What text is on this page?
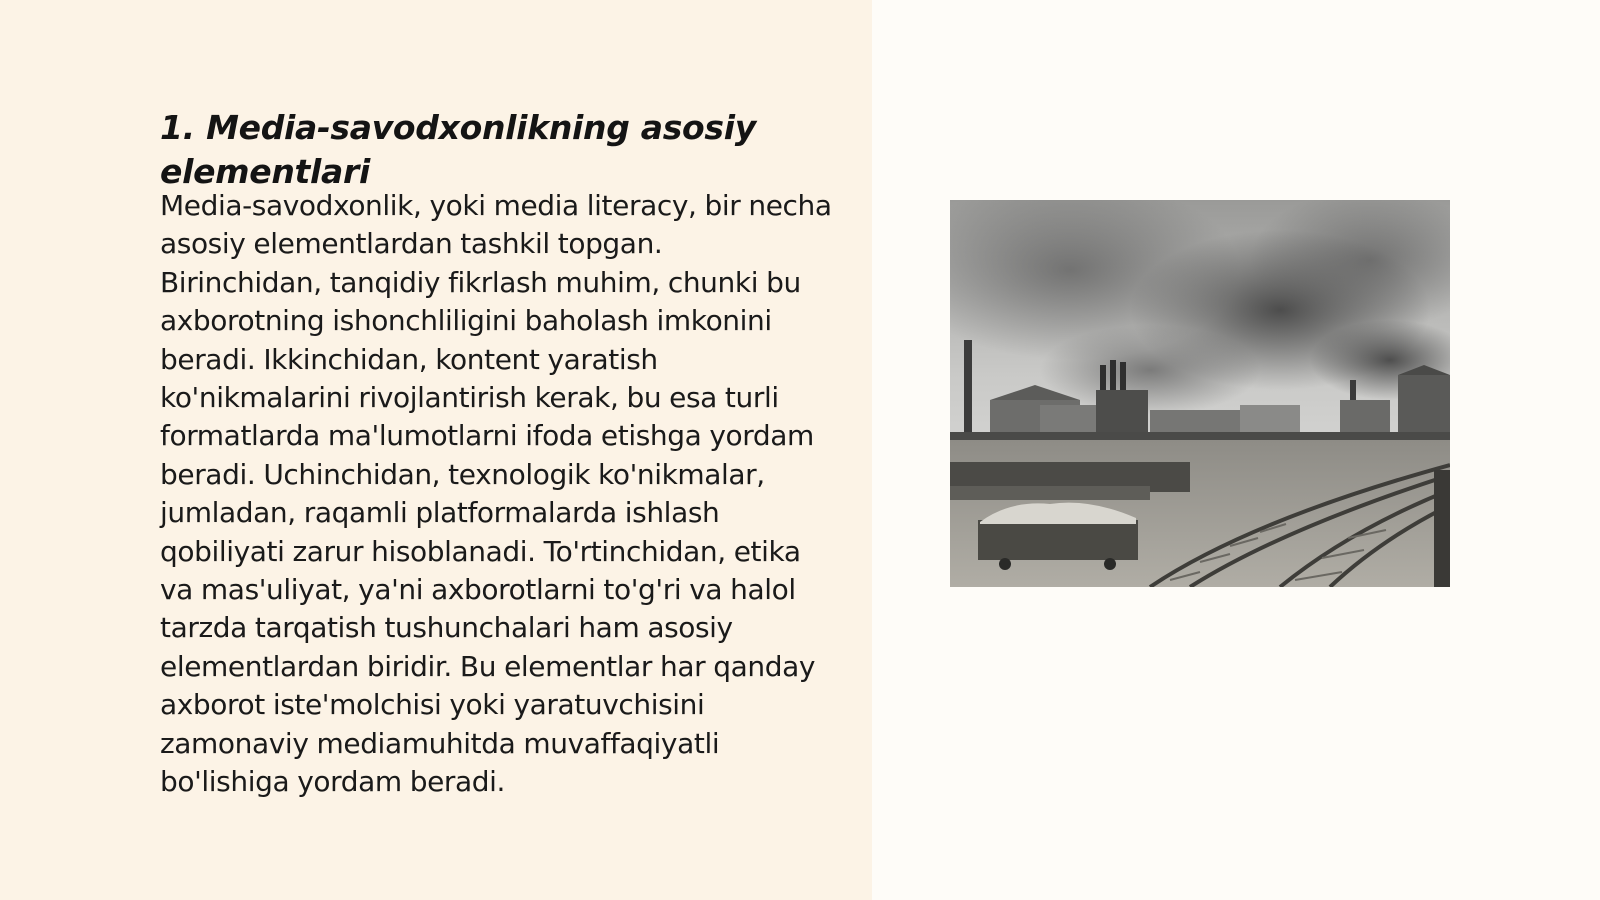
1. Media-savodxonlikning asosiy elementlari

Media-savodxonlik, yoki media literacy, bir necha asosiy elementlardan tashkil topgan. Birinchidan, tanqidiy fikrlash muhim, chunki bu axborotning ishonchliligini baholash imkonini beradi. Ikkinchidan, kontent yaratish ko'nikmalarini rivojlantirish kerak, bu esa turli formatlarda ma'lumotlarni ifoda etishga yordam beradi. Uchinchidan, texnologik ko'nikmalar, jumladan, raqamli platformalarda ishlash qobiliyati zarur hisoblanadi. To'rtinchidan, etika va mas'uliyat, ya'ni axborotlarni to'g'ri va halol tarzda tarqatish tushunchalari ham asosiy elementlardan biridir. Bu elementlar har qanday axborot iste'molchisi yoki yaratuvchisini zamonaviy mediamuhitda muvaffaqiyatli bo'lishiga yordam beradi.
